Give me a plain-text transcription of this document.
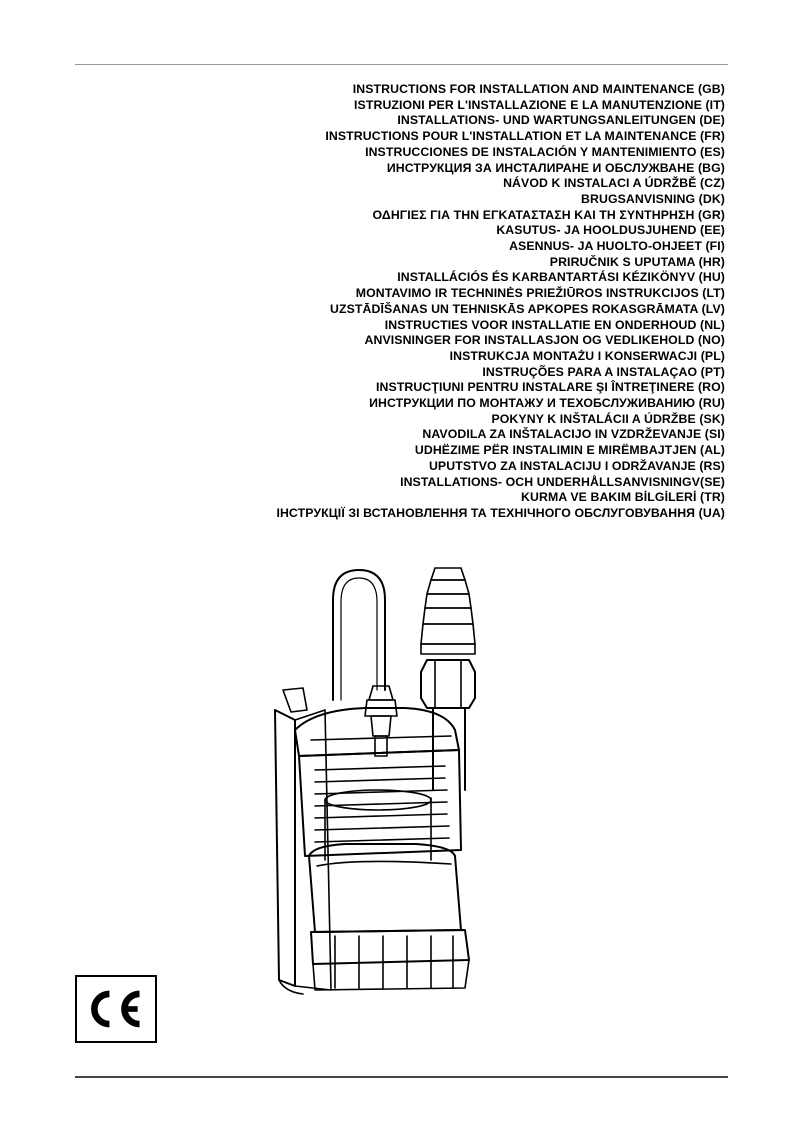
INSTRUCTIONS FOR INSTALLATION AND MAINTENANCE (GB)
ISTRUZIONI PER L'INSTALLAZIONE E LA MANUTENZIONE (IT)
INSTALLATIONS- UND WARTUNGSANLEITUNGEN (DE)
INSTRUCTIONS POUR L'INSTALLATION ET LA MAINTENANCE (FR)
INSTRUCCIONES DE INSTALACIÓN Y MANTENIMIENTO (ES)
ИНСТРУКЦИЯ ЗА ИНСТАЛИРАНЕ И ОБСЛУЖВАНЕ (BG)
NÁVOD K INSTALACI A ÚDRŽBĚ (CZ)
BRUGSANVISNING (DK)
ΟΔΗΓΙΕΣ ΓΙΑ ΤΗΝ ΕΓΚΑΤΑΣΤΑΣΗ ΚΑΙ ΤΗ ΣΥΝΤΗΡΗΣΗ (GR)
KASUTUS- JA HOOLDUSJUHEND (EE)
ASENNUS- JA HUOLTO-OHJEET (FI)
PRIRUČNIK S UPUTAMA (HR)
INSTALLÁCIÓS ÉS KARBANTARTÁSI KÉZIKÖNYV (HU)
MONTAVIMO IR TECHNINĖS PRIEŽIŪROS INSTRUKCIJOS (LT)
UZSTĀDĪŠANAS UN TEHNISKĀS APKOPES ROKASGRĀMATA (LV)
INSTRUCTIES VOOR INSTALLATIE EN ONDERHOUD (NL)
ANVISNINGER FOR INSTALLASJON OG VEDLIKEHOLD (NO)
INSTRUKCJA MONTAŻU I KONSERWACJI (PL)
INSTRUÇÕES PARA A INSTALAÇAO (PT)
INSTRUCŢIUNI PENTRU INSTALARE ŞI ÎNTREŢINERE (RO)
ИНСТРУКЦИИ ПО МОНТАЖУ И ТЕХОБСЛУЖИВАНИЮ (RU)
POKYNY K INŠTALÁCII A ÚDRŽBE (SK)
NAVODILA ZA INŠTALACIJO IN VZDRŽEVANJE (SI)
UDHËZIME PËR INSTALIMIN E MIRËMBAJTJEN (AL)
UPUTSTVO ZA INSTALACIJU I ODRŽAVANJE (RS)
INSTALLATIONS- OCH UNDERHÅLLSANVISNINGV(SE)
KURMA VE BAKIM BİLGİLERİ (TR)
ІНСТРУКЦІЇ ЗІ ВСТАНОВЛЕННЯ ТА ТЕХНІЧНОГО ОБСЛУГОВУВАННЯ (UA)
